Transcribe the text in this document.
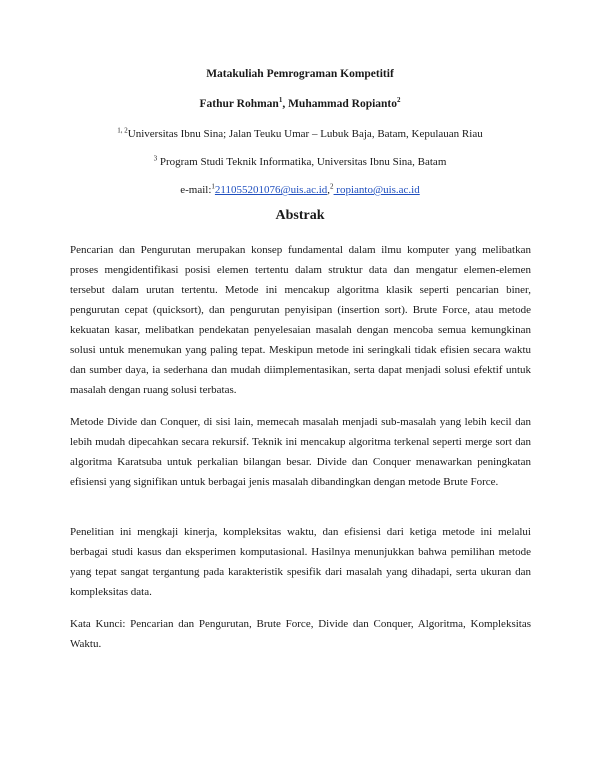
Matakuliah Pemrograman Kompetitif
Fathur Rohman$^1$, Muhammad Ropianto$^2$
$^{1, 2}$Universitas Ibnu Sina; Jalan Teuku Umar – Lubuk Baja, Batam, Kepulauan Riau
$^3$ Program Studi Teknik Informatika, Universitas Ibnu Sina, Batam
e-mail:$^1$211055201076@uis.ac.id,$^2$ ropianto@uis.ac.id
Abstrak

Pencarian dan Pengurutan merupakan konsep fundamental dalam ilmu komputer yang melibatkan proses mengidentifikasi posisi elemen tertentu dalam struktur data dan mengatur elemen-elemen tersebut dalam urutan tertentu. Metode ini mencakup algoritma klasik seperti pencarian biner, pengurutan cepat (quicksort), dan pengurutan penyisipan (insertion sort). Brute Force, atau metode kekuatan kasar, melibatkan pendekatan penyelesaian masalah dengan mencoba semua kemungkinan solusi untuk menemukan yang paling tepat. Meskipun metode ini seringkali tidak efisien secara waktu dan sumber daya, ia sederhana dan mudah diimplementasikan, serta dapat menjadi solusi efektif untuk masalah dengan ruang solusi terbatas.

Metode Divide dan Conquer, di sisi lain, memecah masalah menjadi sub-masalah yang lebih kecil dan lebih mudah dipecahkan secara rekursif. Teknik ini mencakup algoritma terkenal seperti merge sort dan algoritma Karatsuba untuk perkalian bilangan besar. Divide dan Conquer menawarkan peningkatan efisiensi yang signifikan untuk berbagai jenis masalah dibandingkan dengan metode Brute Force.

Penelitian ini mengkaji kinerja, kompleksitas waktu, dan efisiensi dari ketiga metode ini melalui berbagai studi kasus dan eksperimen komputasional. Hasilnya menunjukkan bahwa pemilihan metode yang tepat sangat tergantung pada karakteristik spesifik dari masalah yang dihadapi, serta ukuran dan kompleksitas data.

Kata Kunci: Pencarian dan Pengurutan, Brute Force, Divide dan Conquer, Algoritma, Kompleksitas Waktu.
